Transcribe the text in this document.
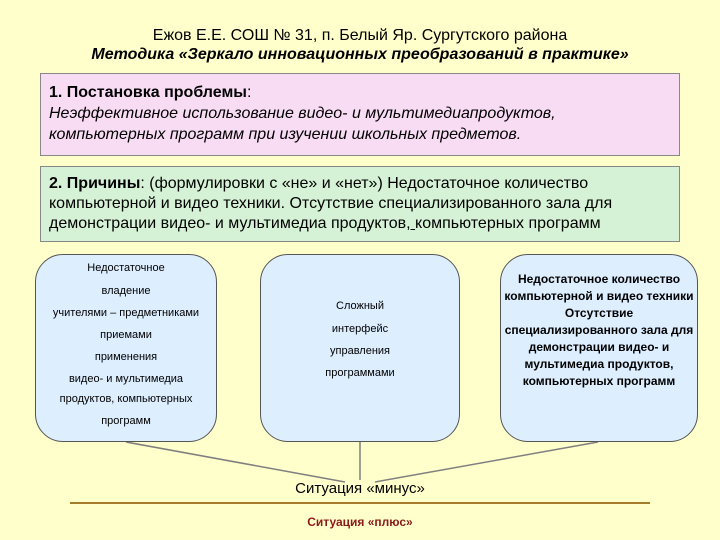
Ежов Е.Е. СОШ № 31, п. Белый Яр. Сургутского района
Методика «Зеркало инновационных преобразований в практике»
1. Постановка проблемы:
Неэффективное использование видео- и мультимедиапродуктов,
компьютерных программ при изучении школьных предметов.
2. Причины: (формулировки с «не» и «нет») Недостаточное количество
компьютерной и видео техники. Отсутствие специализированного зала для
демонстрации видео- и мультимедиа продуктов, компьютерных программ
Недостаточное
владение
учителями – предметниками
приемами
применения
видео- и мультимедиа
продуктов, компьютерных
программ
Сложный
интерфейс
управления
программами
Недостаточное количество компьютерной и видео техники Отсутствие специализированного зала для демонстрации видео- и мультимедиа продуктов, компьютерных программ
Ситуация «минус»
Ситуация «плюс»
